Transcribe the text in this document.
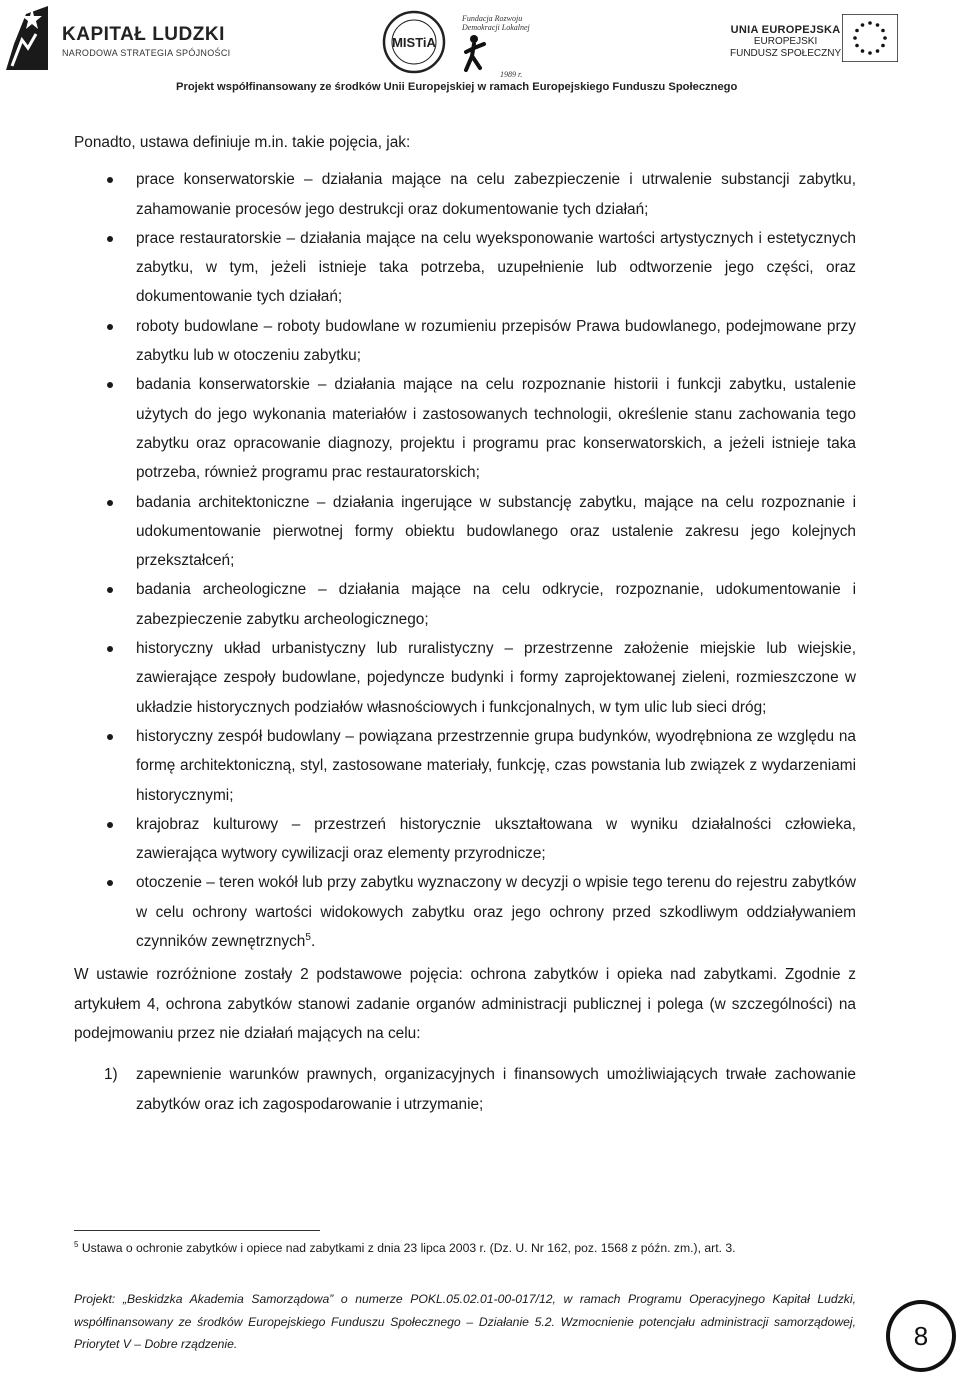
KAPITAŁ LUDZKI
NARODOWA STRATEGIA SPÓJNOŚCI
MISTiA
Fundacja Rozwoju
Demokracji Lokalnej
1989 r.
UNIA EUROPEJSKA
EUROPEJSKI
FUNDUSZ SPOŁECZNY
Projekt współfinansowany ze środków Unii Europejskiej w ramach Europejskiego Funduszu Społecznego

Ponadto, ustawa definiuje m.in. takie pojęcia, jak:

prace konserwatorskie – działania mające na celu zabezpieczenie i utrwalenie substancji zabytku, zahamowanie procesów jego destrukcji oraz dokumentowanie tych działań;
prace restauratorskie – działania mające na celu wyeksponowanie wartości artystycznych i estetycznych zabytku, w tym, jeżeli istnieje taka potrzeba, uzupełnienie lub odtworzenie jego części, oraz dokumentowanie tych działań;
roboty budowlane – roboty budowlane w rozumieniu przepisów Prawa budowlanego, podejmowane przy zabytku lub w otoczeniu zabytku;
badania konserwatorskie – działania mające na celu rozpoznanie historii i funkcji zabytku, ustalenie użytych do jego wykonania materiałów i zastosowanych technologii, określenie stanu zachowania tego zabytku oraz opracowanie diagnozy, projektu i programu prac konserwatorskich, a jeżeli istnieje taka potrzeba, również programu prac restauratorskich;
badania architektoniczne – działania ingerujące w substancję zabytku, mające na celu rozpoznanie i udokumentowanie pierwotnej formy obiektu budowlanego oraz ustalenie zakresu jego kolejnych przekształceń;
badania archeologiczne – działania mające na celu odkrycie, rozpoznanie, udokumentowanie i zabezpieczenie zabytku archeologicznego;
historyczny układ urbanistyczny lub ruralistyczny – przestrzenne założenie miejskie lub wiejskie, zawierające zespoły budowlane, pojedyncze budynki i formy zaprojektowanej zieleni, rozmieszczone w układzie historycznych podziałów własnościowych i funkcjonalnych, w tym ulic lub sieci dróg;
historyczny zespół budowlany – powiązana przestrzennie grupa budynków, wyodrębniona ze względu na formę architektoniczną, styl, zastosowane materiały, funkcję, czas powstania lub związek z wydarzeniami historycznymi;
krajobraz kulturowy – przestrzeń historycznie ukształtowana w wyniku działalności człowieka, zawierająca wytwory cywilizacji oraz elementy przyrodnicze;
otoczenie – teren wokół lub przy zabytku wyznaczony w decyzji o wpisie tego terenu do rejestru zabytków w celu ochrony wartości widokowych zabytku oraz jego ochrony przed szkodliwym oddziaływaniem czynników zewnętrznych$^5$.

W ustawie rozróżnione zostały 2 podstawowe pojęcia: ochrona zabytków i opieka nad zabytkami. Zgodnie z artykułem 4, ochrona zabytków stanowi zadanie organów administracji publicznej i polega (w szczególności) na podejmowaniu przez nie działań mających na celu:

1) zapewnienie warunków prawnych, organizacyjnych i finansowych umożliwiających trwałe zachowanie zabytków oraz ich zagospodarowanie i utrzymanie;
$^5$ Ustawa o ochronie zabytków i opiece nad zabytkami z dnia 23 lipca 2003 r. (Dz. U. Nr 162, poz. 1568 z późn. zm.), art. 3.
Projekt: „Beskidzka Akademia Samorządowa” o numerze POKL.05.02.01-00-017/12, w ramach Programu Operacyjnego Kapitał Ludzki, współfinansowany ze środków Europejskiego Funduszu Społecznego – Działanie 5.2. Wzmocnienie potencjału administracji samorządowej, Priorytet V – Dobre rządzenie.	8
